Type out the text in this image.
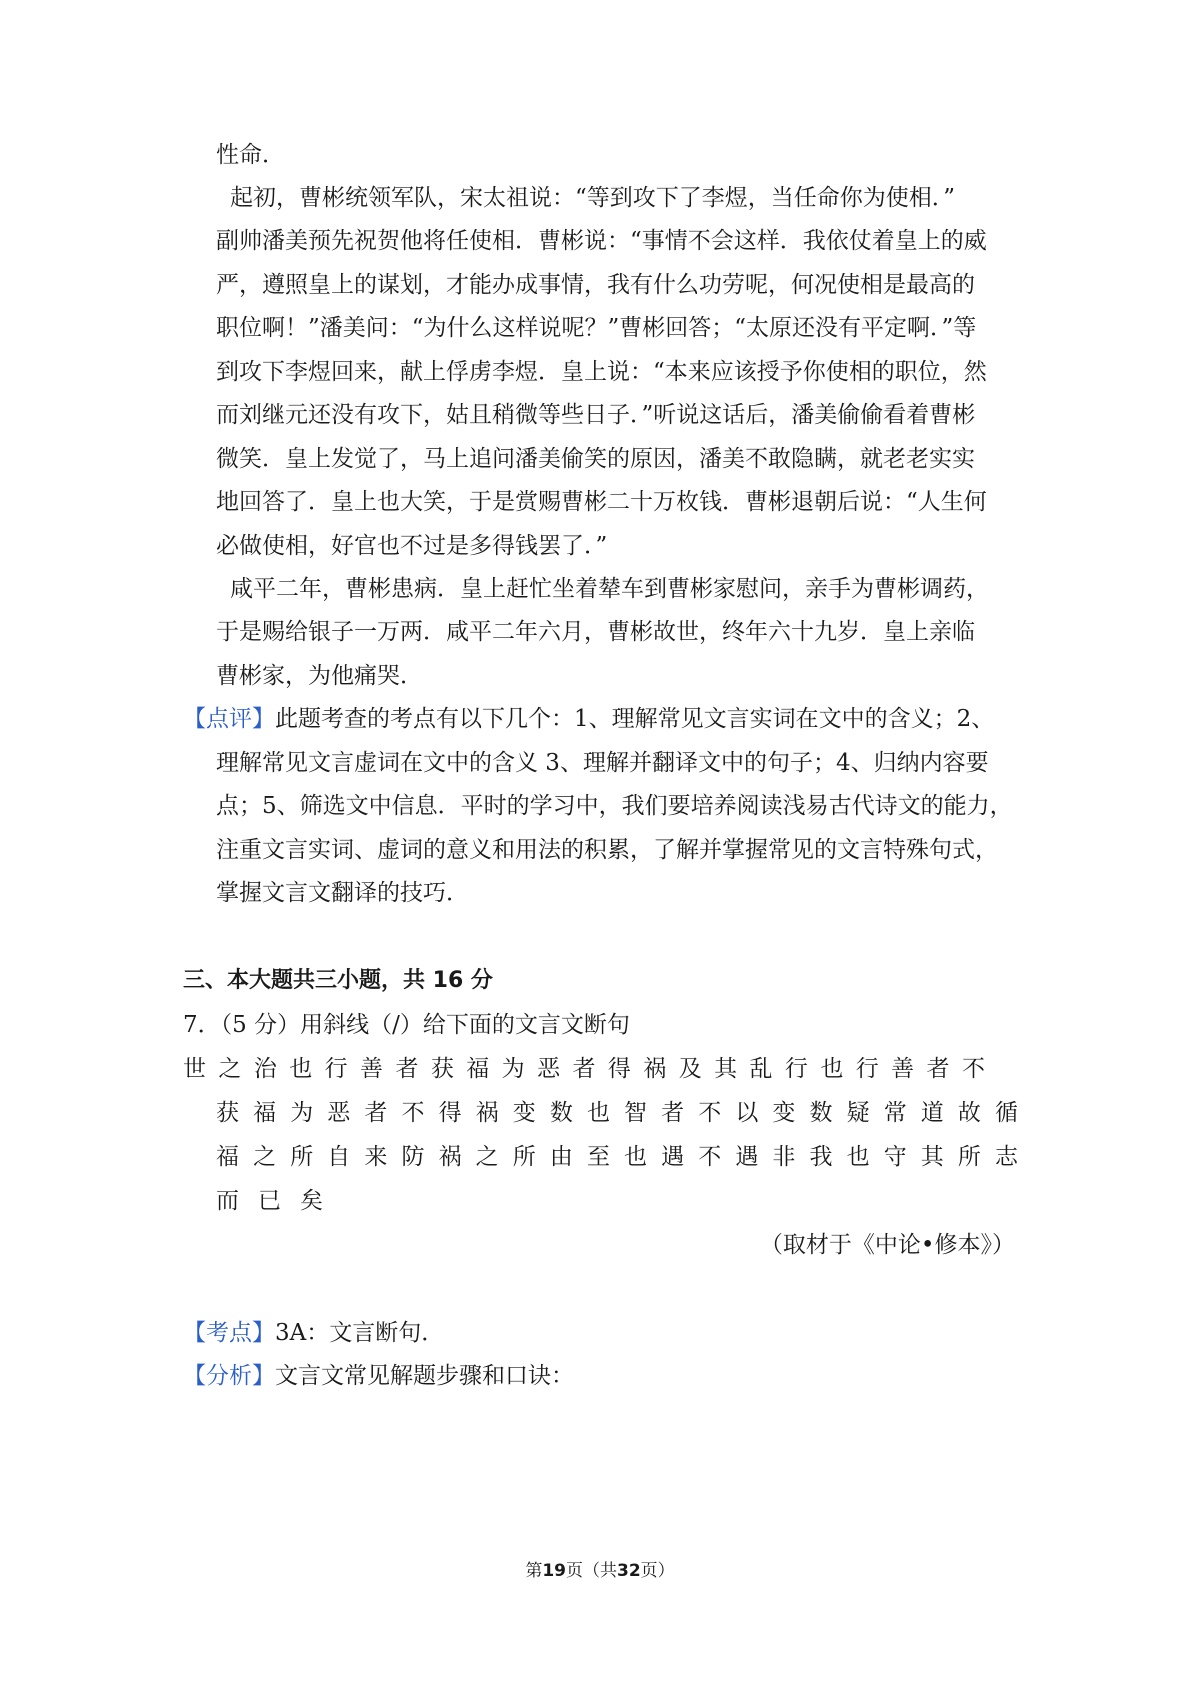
性命．
起初，曹彬统领军队，宋太祖说：“等到攻下了李煜，当任命你为使相．”
副帅潘美预先祝贺他将任使相．曹彬说：“事情不会这样．我依仗着皇上的威
严，遵照皇上的谋划，才能办成事情，我有什么功劳呢，何况使相是最高的
职位啊！”潘美问：“为什么这样说呢？”曹彬回答；“太原还没有平定啊．”等
到攻下李煜回来，献上俘虏李煜．皇上说：“本来应该授予你使相的职位，然
而刘继元还没有攻下，姑且稍微等些日子．”听说这话后，潘美偷偷看着曹彬
微笑．皇上发觉了，马上追问潘美偷笑的原因，潘美不敢隐瞒，就老老实实
地回答了．皇上也大笑，于是赏赐曹彬二十万枚钱．曹彬退朝后说：“人生何
必做使相，好官也不过是多得钱罢了．”
咸平二年，曹彬患病．皇上赶忙坐着辇车到曹彬家慰问，亲手为曹彬调药，
于是赐给银子一万两．咸平二年六月，曹彬故世，终年六十九岁．皇上亲临
曹彬家，为他痛哭．
【点评】此题考查的考点有以下几个：1、理解常见文言实词在文中的含义；2、
理解常见文言虚词在文中的含义 3、理解并翻译文中的句子；4、归纳内容要
点；5、筛选文中信息．平时的学习中，我们要培养阅读浅易古代诗文的能力，
注重文言实词、虚词的意义和用法的积累，了解并掌握常见的文言特殊句式，
掌握文言文翻译的技巧．
三、本大题共三小题，共 16 分
7．（5 分）用斜线（/）给下面的文言文断句
世 之 治 也 行 善 者 获 福 为 恶 者 得 祸 及 其 乱 行 也 行 善 者 不
获 福 为 恶 者 不 得 祸 变 数 也 智 者 不 以 变 数 疑 常 道 故 循
福 之 所 自 来 防 祸 之 所 由 至 也 遇 不 遇 非 我 也 守 其 所 志
而 已 矣
（取材于《中论•修本》）
【考点】3A：文言断句．
【分析】文言文常见解题步骤和口诀：
第19页（共32页）
